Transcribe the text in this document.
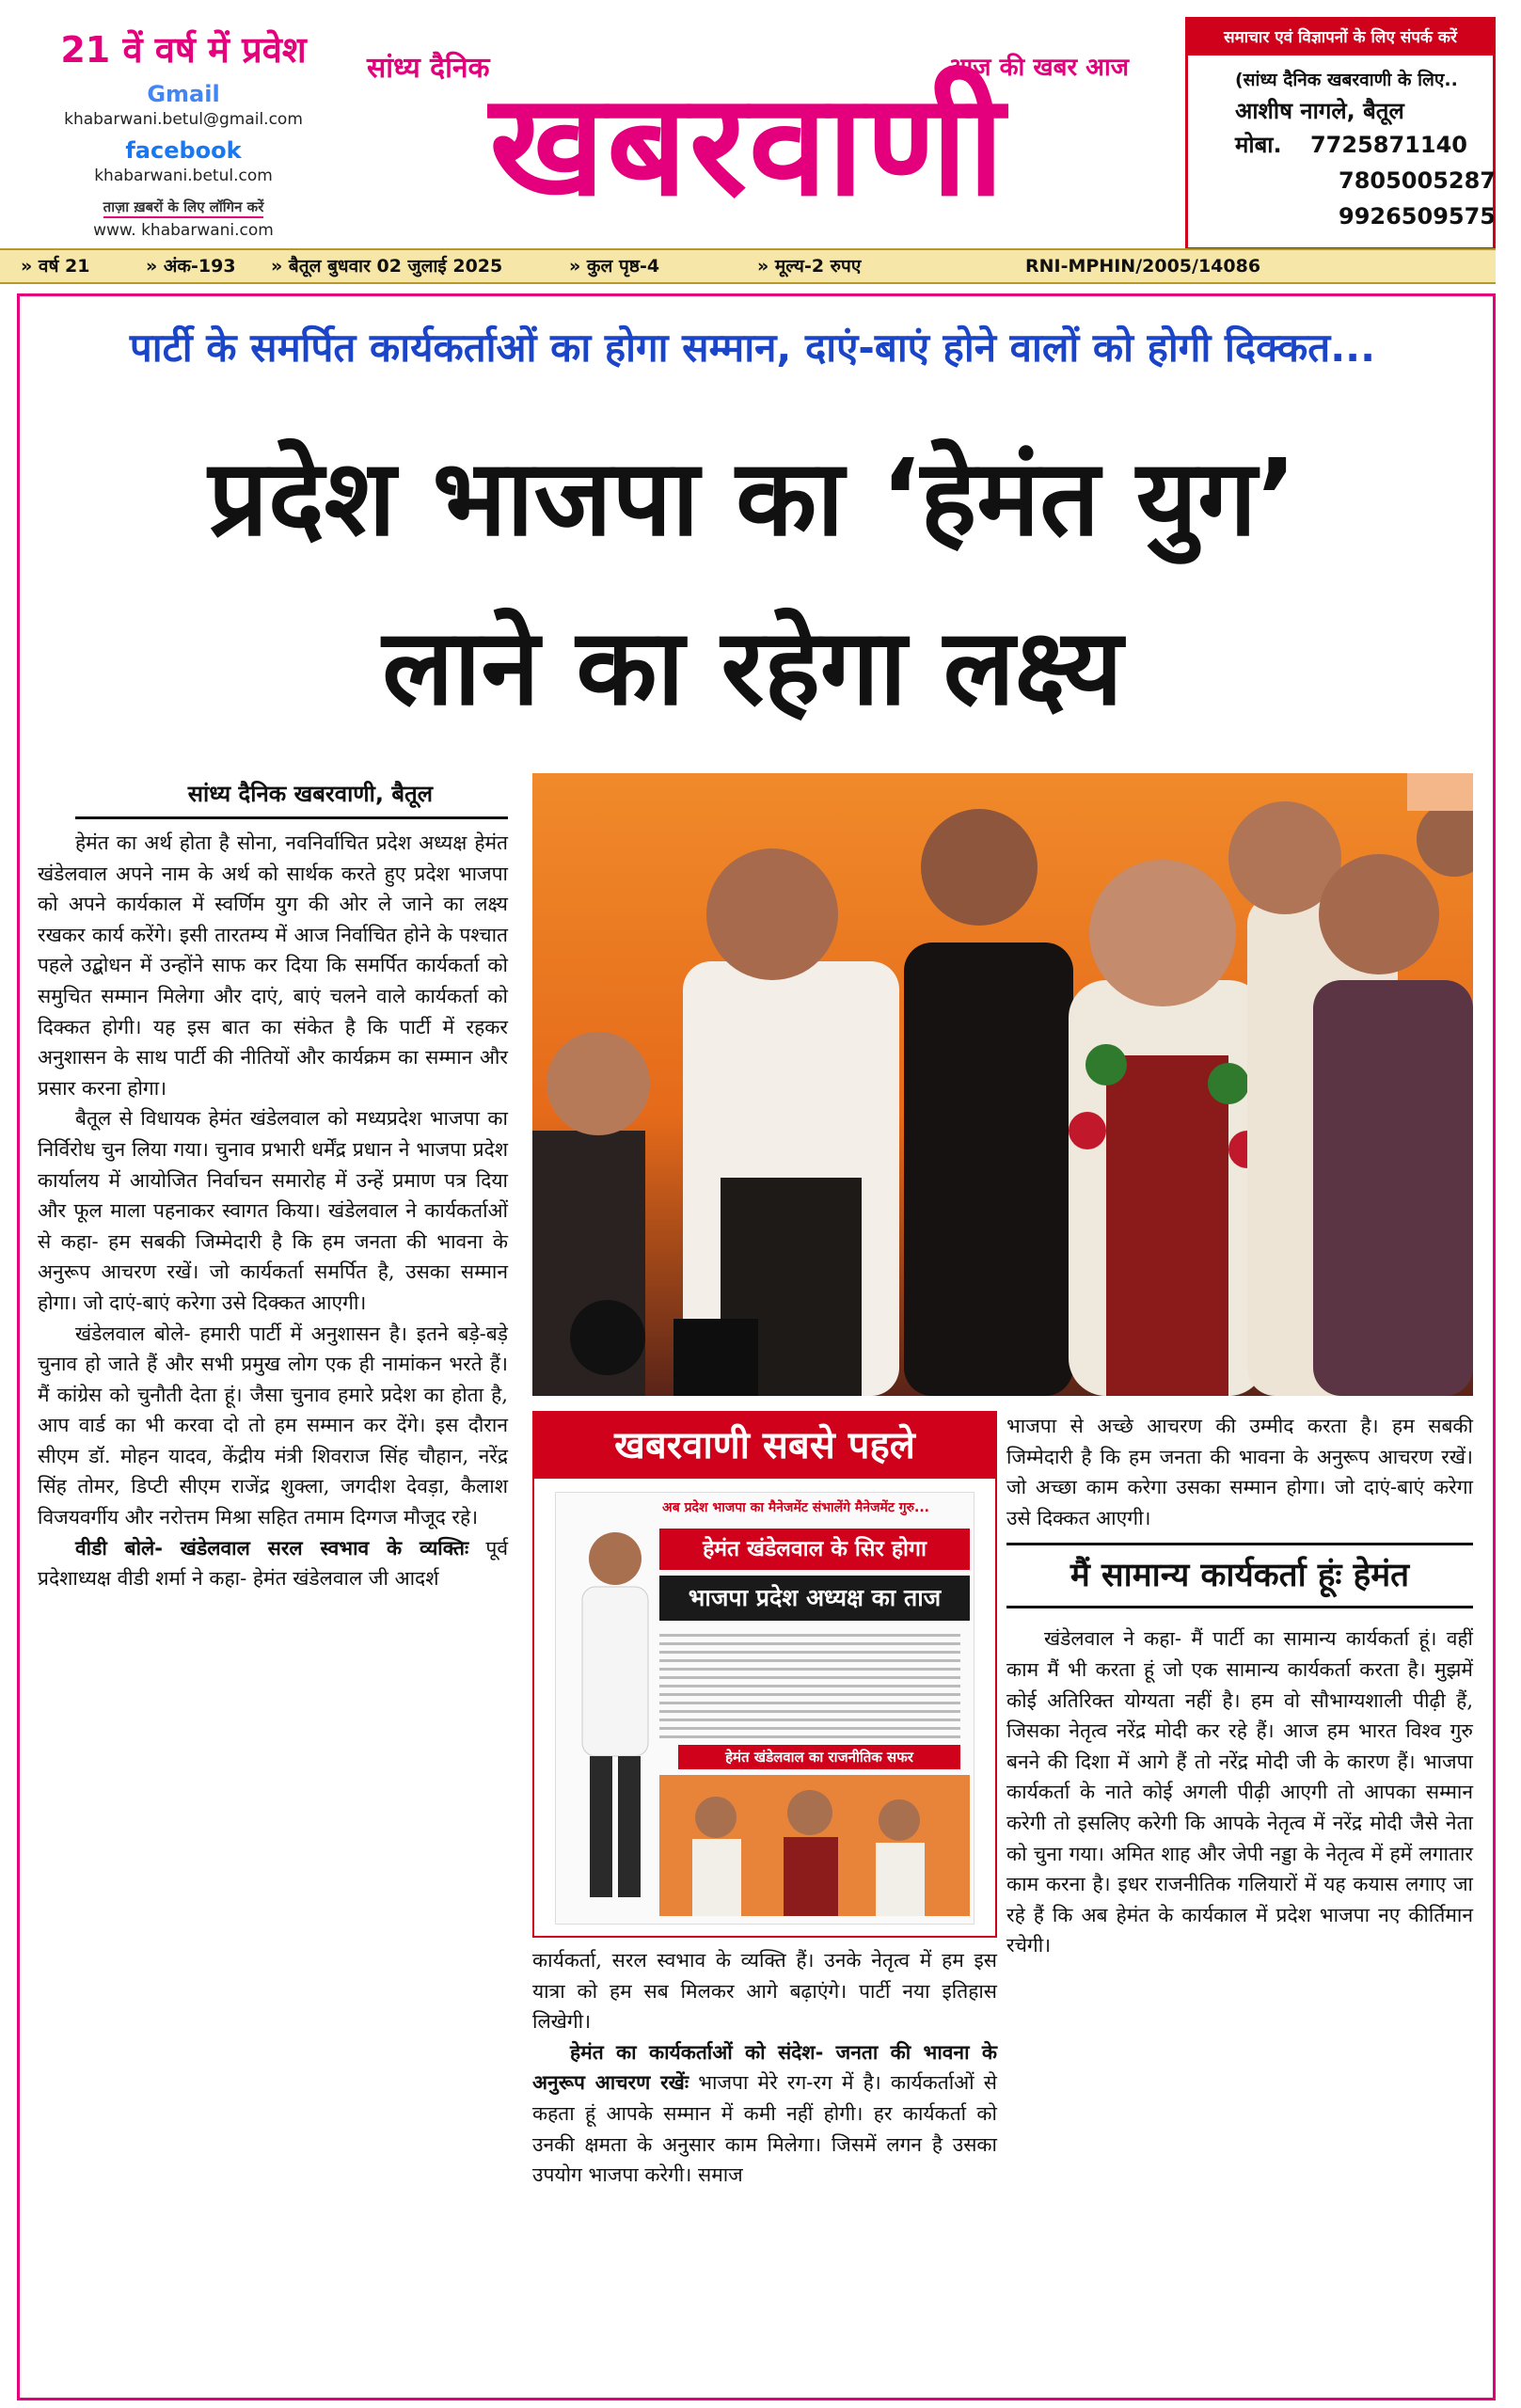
21 वें वर्ष में प्रवेश
Gmail
khabarwani.betul@gmail.com
facebook
khabarwani.betul.com
ताज़ा ख़बरों के लिए लॉगिन करें
www. khabarwani.com
सांध्य दैनिक	आज की खबर आज
खबरवाणी
समाचार एवं विज्ञापनों के लिए संपर्क करें
(सांध्य दैनिक खबरवाणी के लिए..
आशीष नागले, बैतूल
मोबा. 7725871140
7805005287
9926509575
» वर्ष 21	» अंक-193 » बैतूल बुधवार 02 जुलाई 2025	» कुल पृष्ठ-4	» मूल्य-2 रुपए	RNI-MPHIN/2005/14086
पार्टी के समर्पित कार्यकर्ताओं का होगा सम्मान, दाएं-बाएं होने वालों को होगी दिक्कत...
प्रदेश भाजपा का ‘हेमंत युग’
लाने का रहेगा लक्ष्य
सांध्य दैनिक खबरवाणी, बैतूल

हेमंत का अर्थ होता है सोना, नवनिर्वाचित प्रदेश अध्यक्ष हेमंत खंडेलवाल अपने नाम के अर्थ को सार्थक करते हुए प्रदेश भाजपा को अपने कार्यकाल में स्वर्णिम युग की ओर ले जाने का लक्ष्य रखकर कार्य करेंगे। इसी तारतम्य में आज निर्वाचित होने के पश्चात पहले उद्बोधन में उन्होंने साफ कर दिया कि समर्पित कार्यकर्ता को समुचित सम्मान मिलेगा और दाएं, बाएं चलने वाले कार्यकर्ता को दिक्कत होगी। यह इस बात का संकेत है कि पार्टी में रहकर अनुशासन के साथ पार्टी की नीतियों और कार्यक्रम का सम्मान और प्रसार करना होगा।

बैतूल से विधायक हेमंत खंडेलवाल को मध्यप्रदेश भाजपा का निर्विरोध चुन लिया गया। चुनाव प्रभारी धर्मेंद्र प्रधान ने भाजपा प्रदेश कार्यालय में आयोजित निर्वाचन समारोह में उन्हें प्रमाण पत्र दिया और फूल माला पहनाकर स्वागत किया। खंडेलवाल ने कार्यकर्ताओं से कहा- हम सबकी जिम्मेदारी है कि हम जनता की भावना के अनुरूप आचरण रखें। जो कार्यकर्ता समर्पित है, उसका सम्मान होगा। जो दाएं-बाएं करेगा उसे दिक्कत आएगी।

खंडेलवाल बोले- हमारी पार्टी में अनुशासन है। इतने बड़े-बड़े चुनाव हो जाते हैं और सभी प्रमुख लोग एक ही नामांकन भरते हैं। मैं कांग्रेस को चुनौती देता हूं। जैसा चुनाव हमारे प्रदेश का होता है, आप वार्ड का भी करवा दो तो हम सम्मान कर देंगे। इस दौरान सीएम डॉ. मोहन यादव, केंद्रीय मंत्री शिवराज सिंह चौहान, नरेंद्र सिंह तोमर, डिप्टी सीएम राजेंद्र शुक्ला, जगदीश देवड़ा, कैलाश विजयवर्गीय और नरोत्तम मिश्रा सहित तमाम दिग्गज मौजूद रहे।

वीडी बोले- खंडेलवाल सरल स्वभाव के व्यक्तिः पूर्व प्रदेशाध्यक्ष वीडी शर्मा ने कहा- हेमंत खंडेलवाल जी आदर्श

खबरवाणी सबसे पहले
अब प्रदेश भाजपा का मैनेजमेंट संभालेंगे मैनेजमेंट गुरु...
हेमंत खंडेलवाल के सिर होगा
भाजपा प्रदेश अध्यक्ष का ताज
हेमंत खंडेलवाल का राजनीतिक सफर

कार्यकर्ता, सरल स्वभाव के व्यक्ति हैं। उनके नेतृत्व में हम इस यात्रा को हम सब मिलकर आगे बढ़ाएंगे। पार्टी नया इतिहास लिखेगी।

हेमंत का कार्यकर्ताओं को संदेश- जनता की भावना के अनुरूप आचरण रखेंः भाजपा मेरे रग-रग में है। कार्यकर्ताओं से कहता हूं आपके सम्मान में कमी नहीं होगी। हर कार्यकर्ता को उनकी क्षमता के अनुसार काम मिलेगा। जिसमें लगन है उसका उपयोग भाजपा करेगी। समाज

भाजपा से अच्छे आचरण की उम्मीद करता है। हम सबकी जिम्मेदारी है कि हम जनता की भावना के अनुरूप आचरण रखें। जो अच्छा काम करेगा उसका सम्मान होगा। जो दाएं-बाएं करेगा उसे दिक्कत आएगी।

मैं सामान्य कार्यकर्ता हूंः हेमंत

खंडेलवाल ने कहा- मैं पार्टी का सामान्य कार्यकर्ता हूं। वहीं काम मैं भी करता हूं जो एक सामान्य कार्यकर्ता करता है। मुझमें कोई अतिरिक्त योग्यता नहीं है। हम वो सौभाग्यशाली पीढ़ी हैं, जिसका नेतृत्व नरेंद्र मोदी कर रहे हैं। आज हम भारत विश्व गुरु बनने की दिशा में आगे हैं तो नरेंद्र मोदी जी के कारण हैं। भाजपा कार्यकर्ता के नाते कोई अगली पीढ़ी आएगी तो आपका सम्मान करेगी तो इसलिए करेगी कि आपके नेतृत्व में नरेंद्र मोदी जैसे नेता को चुना गया। अमित शाह और जेपी नड्डा के नेतृत्व में हमें लगातार काम करना है। इधर राजनीतिक गलियारों में यह कयास लगाए जा रहे हैं कि अब हेमंत के कार्यकाल में प्रदेश भाजपा नए कीर्तिमान रचेगी।
